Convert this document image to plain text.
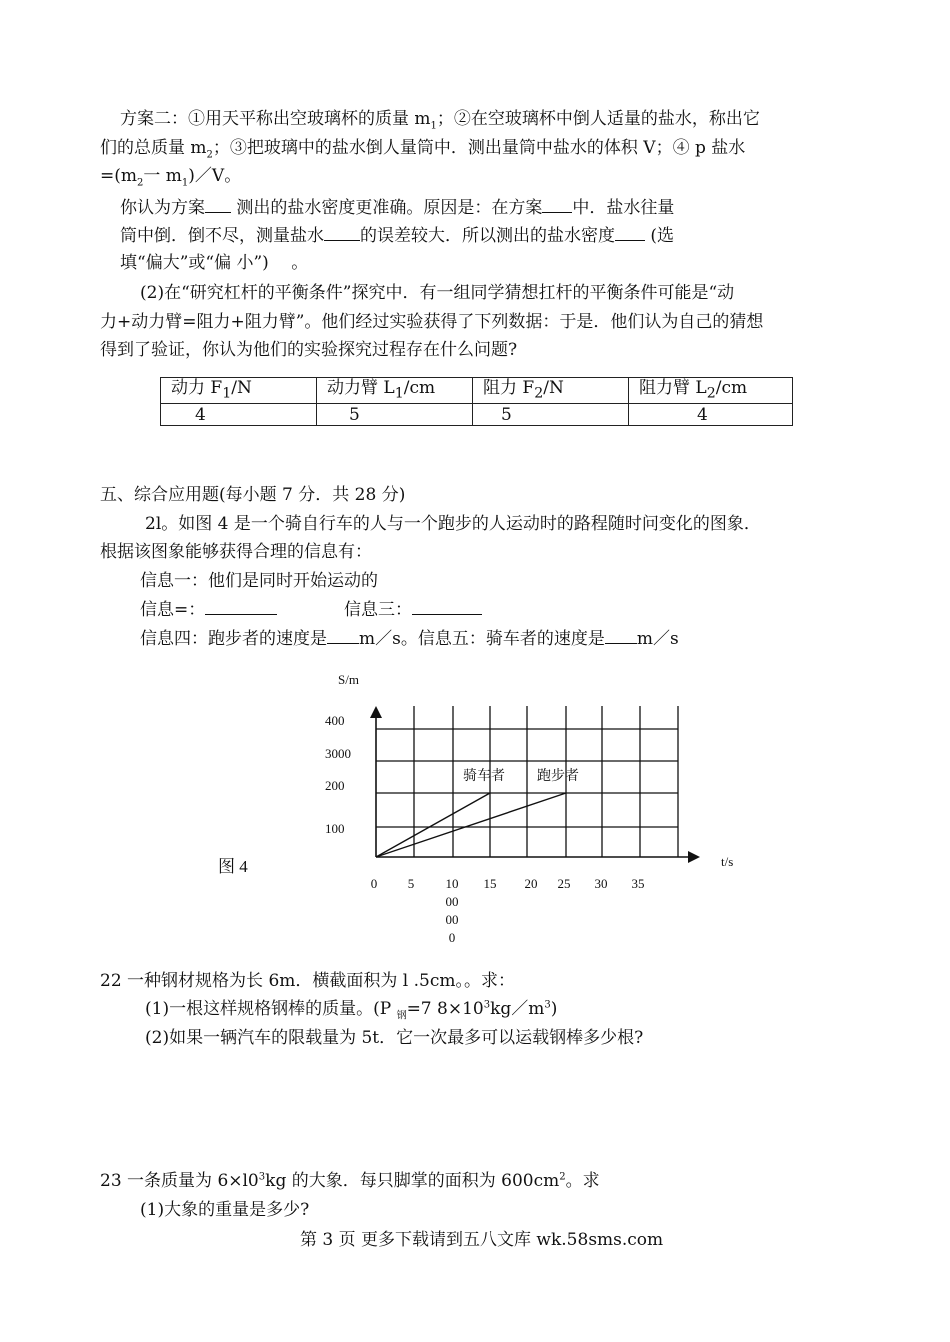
方案二：①用天平称出空玻璃杯的质量 $m_1$；②在空玻璃杯中倒人适量的盐水，称出它
们的总质量 $m_2$；③把玻璃中的盐水倒人量筒中．测出量筒中盐水的体积 V；④ p 盐水
$=(m_2$一 $m_1)/V$。
你认为方案 测出的盐水密度更准确。原因是：在方案 中．盐水往量
筒中倒．倒不尽，测量盐水 的误差较大．所以测出的盐水密度 (选
填“偏大”或“偏 小”)　 。
(2)在“研究杠杆的平衡条件”探究中．有一组同学猜想扛杆的平衡条件可能是“动
力+动力臂=阻力+阻力臂”。他们经过实验获得了下列数据：于是．他们认为自己的猜想
得到了验证，你认为他们的实验探究过程存在什么问题?
动力 $F_1/N$	动力臂 $L_1/cm$	阻力 $F_2/N$	阻力臂 $L_2/cm$
4	5	5	4
五、综合应用题(每小题 7 分．共 28 分)
2l。如图 4 是一个骑自行车的人与一个跑步的人运动时的路程随时问变化的图象．
根据该图象能够获得合理的信息有：
信息一：他们是同时开始运动的
信息=：	信息三：
信息四：跑步者的速度是 m／s。信息五：骑车者的速度是 m／s
骑车者 跑步者
100
200
3000
400
0 5 10
00
00
0
15 20 25 30 35
S/m
t/s
图 4
22 一种钢材规格为长 6m．横截面积为 l .5cm。。求：
(1)一根这样规格钢棒的质量。(P $_钢$=7 $8\times 10^3kg/m^3$)
(2)如果一辆汽车的限载量为 5t．它一次最多可以运载钢棒多少根?
23 一条质量为 $6\times l0^3kg$ 的大象．每只脚掌的面积为 $600cm^2$。求
(1)大象的重量是多少?
第 3 页 更多下载请到五八文库 wk.58sms.com
